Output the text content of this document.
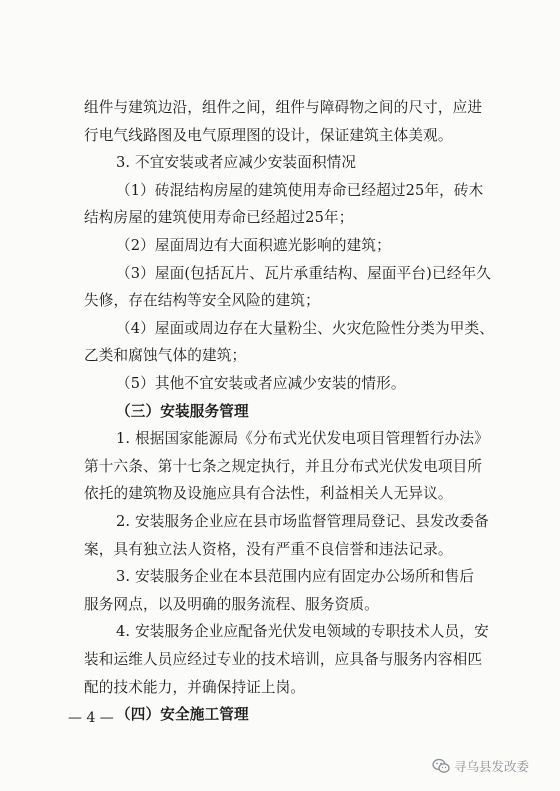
组件与建筑边沿，组件之间，组件与障碍物之间的尺寸，应进
行电气线路图及电气原理图的设计，保证建筑主体美观。
3. 不宜安装或者应减少安装面积情况
（1）砖混结构房屋的建筑使用寿命已经超过25年，砖木
结构房屋的建筑使用寿命已经超过25年；
（2）屋面周边有大面积遮光影响的建筑；
（3）屋面(包括瓦片、瓦片承重结构、屋面平台)已经年久
失修，存在结构等安全风险的建筑；
（4）屋面或周边存在大量粉尘、火灾危险性分类为甲类、
乙类和腐蚀气体的建筑；
（5）其他不宜安装或者应减少安装的情形。
（三）安装服务管理
1. 根据国家能源局《分布式光伏发电项目管理暂行办法》
第十六条、第十七条之规定执行，并且分布式光伏发电项目所
依托的建筑物及设施应具有合法性，利益相关人无异议。
2. 安装服务企业应在县市场监督管理局登记、县发改委备
案，具有独立法人资格，没有严重不良信誉和违法记录。
3. 安装服务企业在本县范围内应有固定办公场所和售后
服务网点，以及明确的服务流程、服务资质。
4. 安装服务企业应配备光伏发电领域的专职技术人员，安
装和运维人员应经过专业的技术培训，应具备与服务内容相匹
配的技术能力，并确保持证上岗。
（四）安全施工管理
— 4 —
寻乌县发改委
